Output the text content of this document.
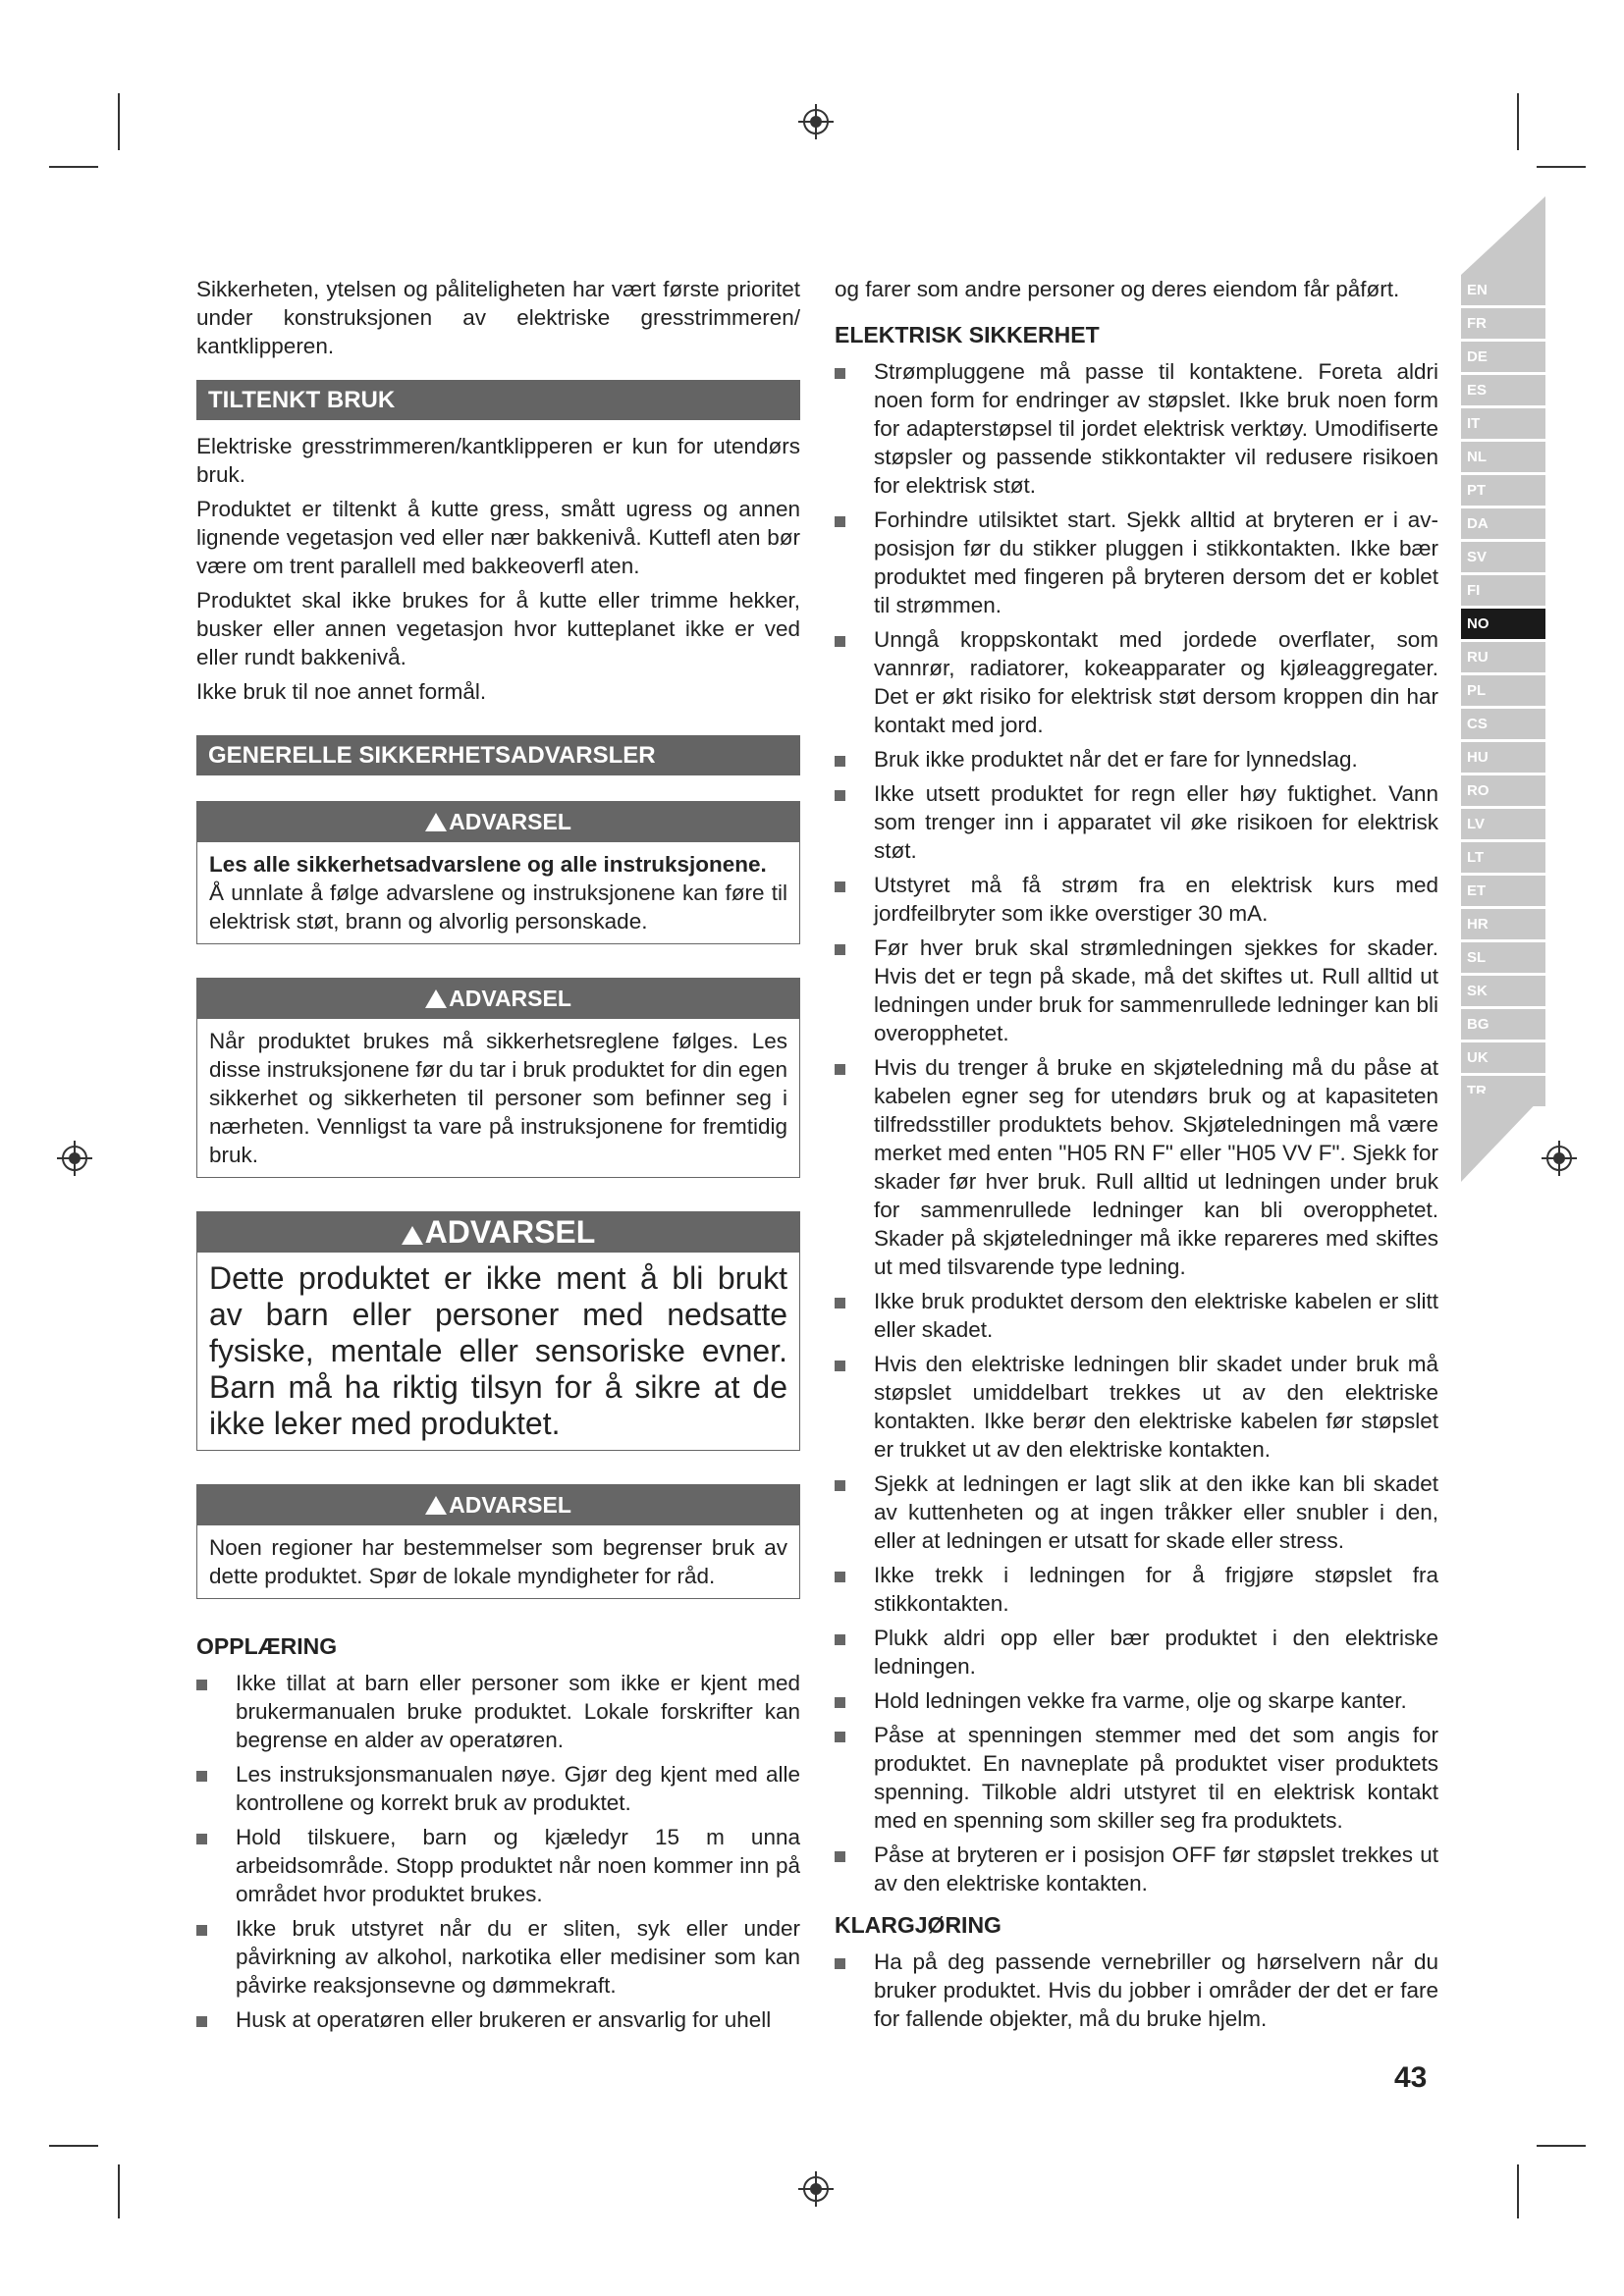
EN
FR
DE
ES
IT
NL
PT
DA
SV
FI
NO
RU
PL
CS
HU
RO
LV
LT
ET
HR
SL
SK
BG
UK
TR

Sikkerheten, ytelsen og påliteligheten har vært første prioritet under konstruksjonen av elektriske gresstrimmeren/ kantklipperen.

TILTENKT BRUK

Elektriske gresstrimmeren/kantklipperen er kun for utendørs bruk.

Produktet er tiltenkt å kutte gress, smått ugress og annen lignende vegetasjon ved eller nær bakkenivå. Kuttefl aten bør være om trent parallell med bakkeoverfl aten.

Produktet skal ikke brukes for å kutte eller trimme hekker, busker eller annen vegetasjon hvor kutteplanet ikke er ved eller rundt bakkenivå.

Ikke bruk til noe annet formål.

GENERELLE SIKKERHETSADVARSLER
ADVARSEL
Les alle sikkerhetsadvarslene og alle instruksjonene.
Å unnlate å følge advarslene og instruksjonene kan føre til elektrisk støt, brann og alvorlig personskade.
ADVARSEL
Når produktet brukes må sikkerhetsreglene følges. Les disse instruksjonene før du tar i bruk produktet for din egen sikkerhet og sikkerheten til personer som befinner seg i nærheten. Vennligst ta vare på instruksjonene for fremtidig bruk.
ADVARSEL
Dette produktet er ikke ment å bli brukt av barn eller personer med nedsatte fysiske, mentale eller sensoriske evner. Barn må ha riktig tilsyn for å sikre at de ikke leker med produktet.
ADVARSEL
Noen regioner har bestemmelser som begrenser bruk av dette produktet. Spør de lokale myndigheter for råd.
OPPLÆRING
Ikke tillat at barn eller personer som ikke er kjent med brukermanualen bruke produktet. Lokale forskrifter kan begrense en alder av operatøren.
Les instruksjonsmanualen nøye. Gjør deg kjent med alle kontrollene og korrekt bruk av produktet.
Hold tilskuere, barn og kjæledyr 15 m unna arbeidsområde. Stopp produktet når noen kommer inn på området hvor produktet brukes.
Ikke bruk utstyret når du er sliten, syk eller under påvirkning av alkohol, narkotika eller medisiner som kan påvirke reaksjonsevne og dømmekraft.
Husk at operatøren eller brukeren er ansvarlig for uhell

og farer som andre personer og deres eiendom får påført.

ELEKTRISK SIKKERHET
Strømpluggene må passe til kontaktene. Foreta aldri noen form for endringer av støpslet. Ikke bruk noen form for adapterstøpsel til jordet elektrisk verktøy. Umodifiserte støpsler og passende stikkontakter vil redusere risikoen for elektrisk støt.
Forhindre utilsiktet start. Sjekk alltid at bryteren er i av-posisjon før du stikker pluggen i stikkontakten. Ikke bær produktet med fingeren på bryteren dersom det er koblet til strømmen.
Unngå kroppskontakt med jordede overflater, som vannrør, radiatorer, kokeapparater og kjøleaggregater. Det er økt risiko for elektrisk støt dersom kroppen din har kontakt med jord.
Bruk ikke produktet når det er fare for lynnedslag.
Ikke utsett produktet for regn eller høy fuktighet. Vann som trenger inn i apparatet vil øke risikoen for elektrisk støt.
Utstyret må få strøm fra en elektrisk kurs med jordfeilbryter som ikke overstiger 30 mA.
Før hver bruk skal strømledningen sjekkes for skader. Hvis det er tegn på skade, må det skiftes ut. Rull alltid ut ledningen under bruk for sammenrullede ledninger kan bli overopphetet.
Hvis du trenger å bruke en skjøteledning må du påse at kabelen egner seg for utendørs bruk og at kapasiteten tilfredsstiller produktets behov. Skjøteledningen må være merket med enten "H05 RN F" eller "H05 VV F". Sjekk for skader før hver bruk. Rull alltid ut ledningen under bruk for sammenrullede ledninger kan bli overopphetet. Skader på skjøteledninger må ikke repareres med skiftes ut med tilsvarende type ledning.
Ikke bruk produktet dersom den elektriske kabelen er slitt eller skadet.
Hvis den elektriske ledningen blir skadet under bruk må støpslet umiddelbart trekkes ut av den elektriske kontakten. Ikke berør den elektriske kabelen før støpslet er trukket ut av den elektriske kontakten.
Sjekk at ledningen er lagt slik at den ikke kan bli skadet av kuttenheten og at ingen tråkker eller snubler i den, eller at ledningen er utsatt for skade eller stress.
Ikke trekk i ledningen for å frigjøre støpslet fra stikkontakten.
Plukk aldri opp eller bær produktet i den elektriske ledningen.
Hold ledningen vekke fra varme, olje og skarpe kanter.
Påse at spenningen stemmer med det som angis for produktet. En navneplate på produktet viser produktets spenning. Tilkoble aldri utstyret til en elektrisk kontakt med en spenning som skiller seg fra produktets.
Påse at bryteren er i posisjon OFF før støpslet trekkes ut av den elektriske kontakten.
KLARGJØRING
Ha på deg passende vernebriller og hørselvern når du bruker produktet. Hvis du jobber i områder der det er fare for fallende objekter, må du bruke hjelm.
43
